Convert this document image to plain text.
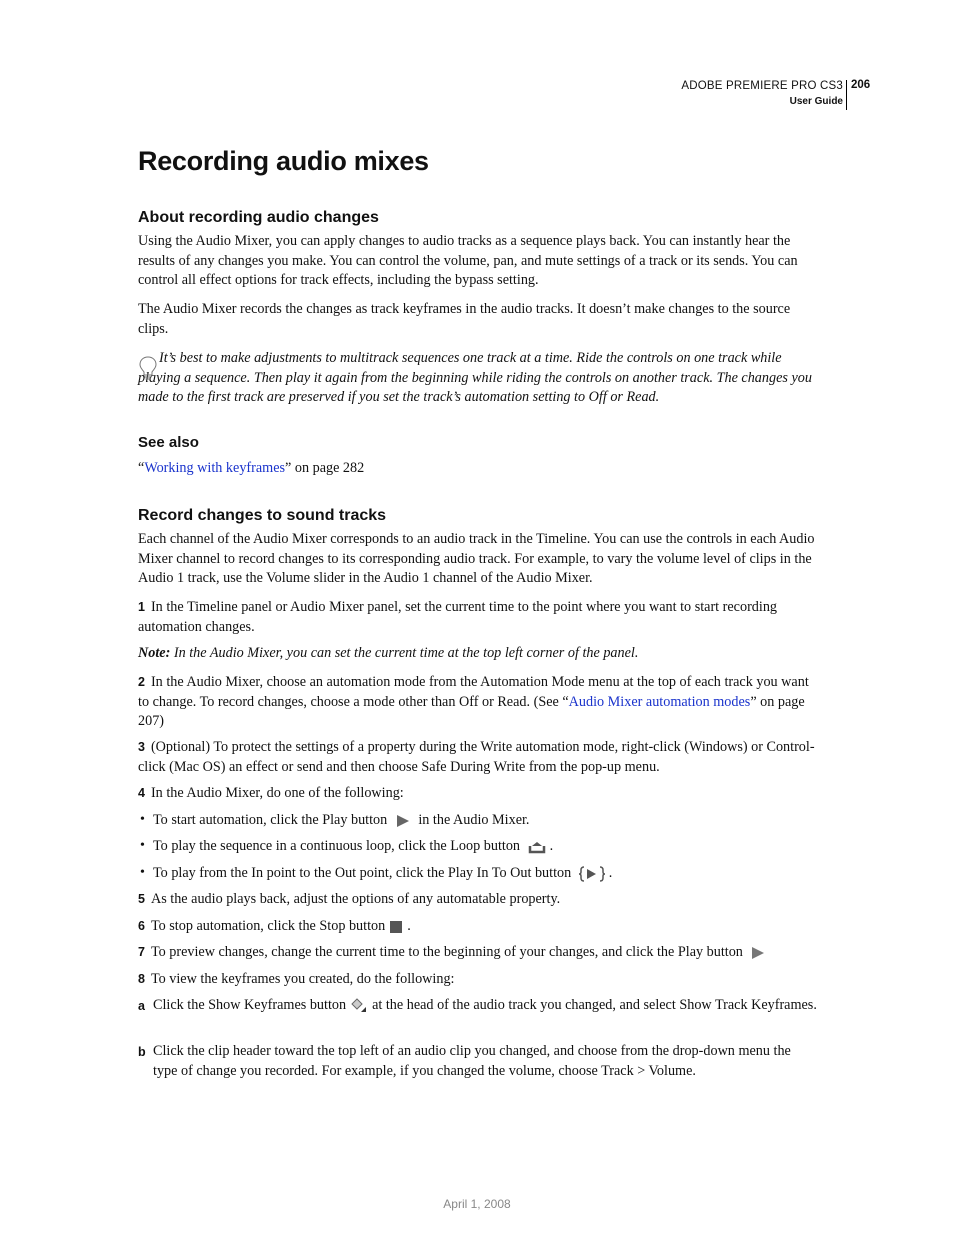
ADOBE PREMIERE PRO CS3
User Guide
206
Recording audio mixes
About recording audio changes

Using the Audio Mixer, you can apply changes to audio tracks as a sequence plays back. You can instantly hear the results of any changes you make. You can control the volume, pan, and mute settings of a track or its sends. You can control all effect options for track effects, including the bypass setting.

The Audio Mixer records the changes as track keyframes in the audio tracks. It doesn’t make changes to the source clips.

It’s best to make adjustments to multitrack sequences one track at a time. Ride the controls on one track while playing a sequence. Then play it again from the beginning while riding the controls on another track. The changes you made to the first track are preserved if you set the track’s automation setting to Off or Read.
See also

“Working with keyframes” on page 282

Record changes to sound tracks

Each channel of the Audio Mixer corresponds to an audio track in the Timeline. You can use the controls in each Audio Mixer channel to record changes to its corresponding audio track. For example, to vary the volume level of clips in the Audio 1 track, use the Volume slider in the Audio 1 channel of the Audio Mixer.

1 In the Timeline panel or Audio Mixer panel, set the current time to the point where you want to start recording automation changes.

Note: In the Audio Mixer, you can set the current time at the top left corner of the panel.

2 In the Audio Mixer, choose an automation mode from the Automation Mode menu at the top of each track you want to change. To record changes, choose a mode other than Off or Read. (See “Audio Mixer automation modes” on page 207)

3 (Optional) To protect the settings of a property during the Write automation mode, right-click (Windows) or Control-click (Mac OS) an effect or send and then choose Safe During Write from the pop-up menu.

4 In the Audio Mixer, do one of the following:

• To start automation, click the Play button in the Audio Mixer.
• To play the sequence in a continuous loop, click the Loop button .
• To play from the In point to the Out point, click the Play In To Out button	.

5 As the audio plays back, adjust the options of any automatable property.

6 To stop automation, click the Stop button .

7 To preview changes, change the current time to the beginning of your changes, and click the Play button

8 To view the keyframes you created, do the following:

a Click the Show Keyframes button at the head of the audio track you changed, and select Show Track Keyframes.
b Click the clip header toward the top left of an audio clip you changed, and choose from the drop-down menu the type of change you recorded. For example, if you changed the volume, choose Track > Volume.
April 1, 2008
